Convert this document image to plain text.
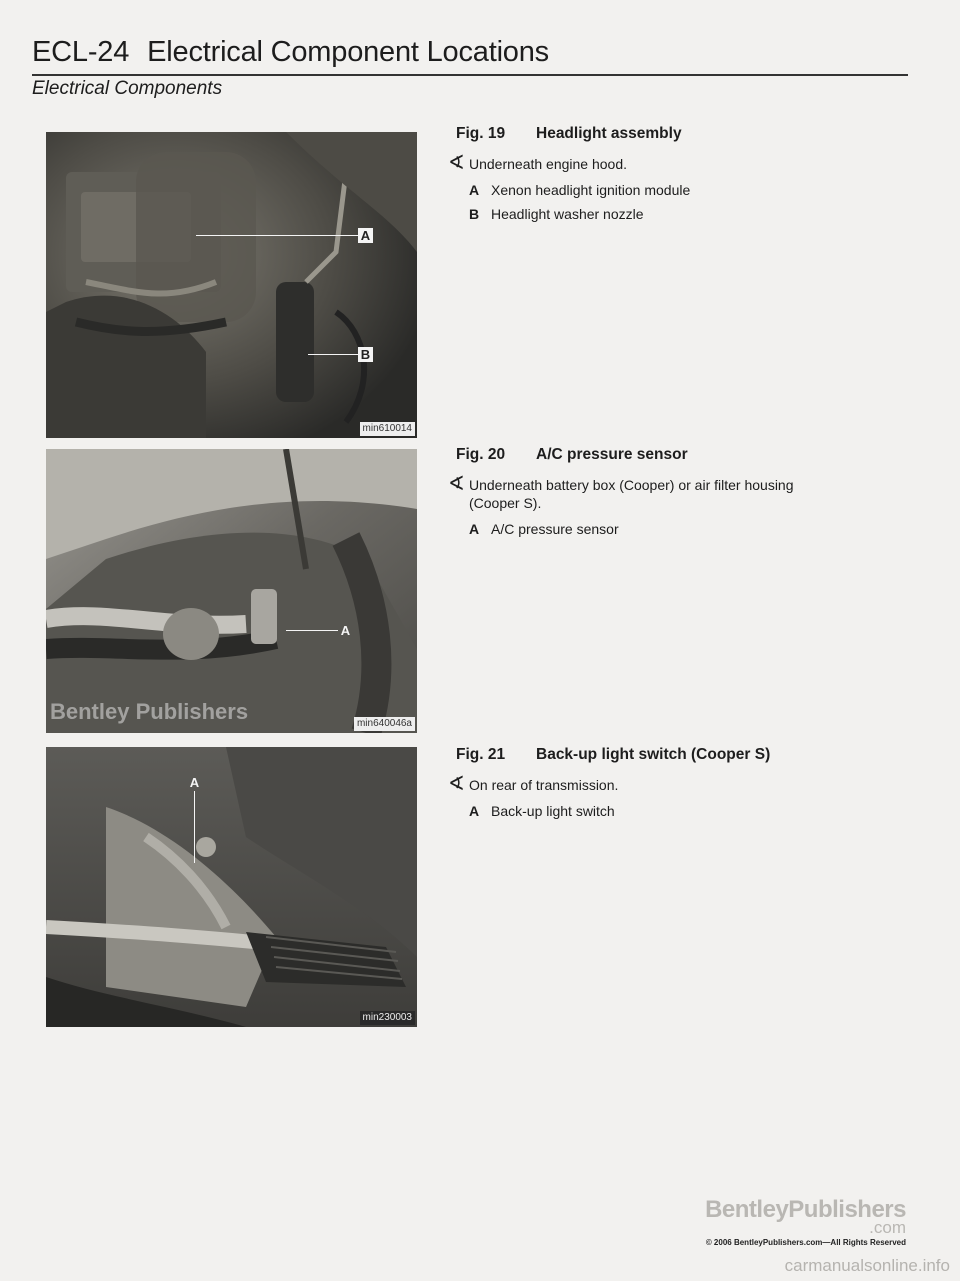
ECL-24 Electrical Component Locations
Electrical Components
A
B
min610014
A
Bentley Publishers	min640046a
A
min230003
Fig. 19 Headlight assembly
∢ Underneath engine hood.
A Xenon headlight ignition module
B Headlight washer nozzle
Fig. 20 A/C pressure sensor
∢ Underneath battery box (Cooper) or air filter housing (Cooper S).
A A/C pressure sensor
Fig. 21 Back-up light switch (Cooper S)
∢ On rear of transmission.
A Back-up light switch
BentleyPublishers
.com
© 2006 BentleyPublishers.com—All Rights Reserved
carmanualsonline.info
